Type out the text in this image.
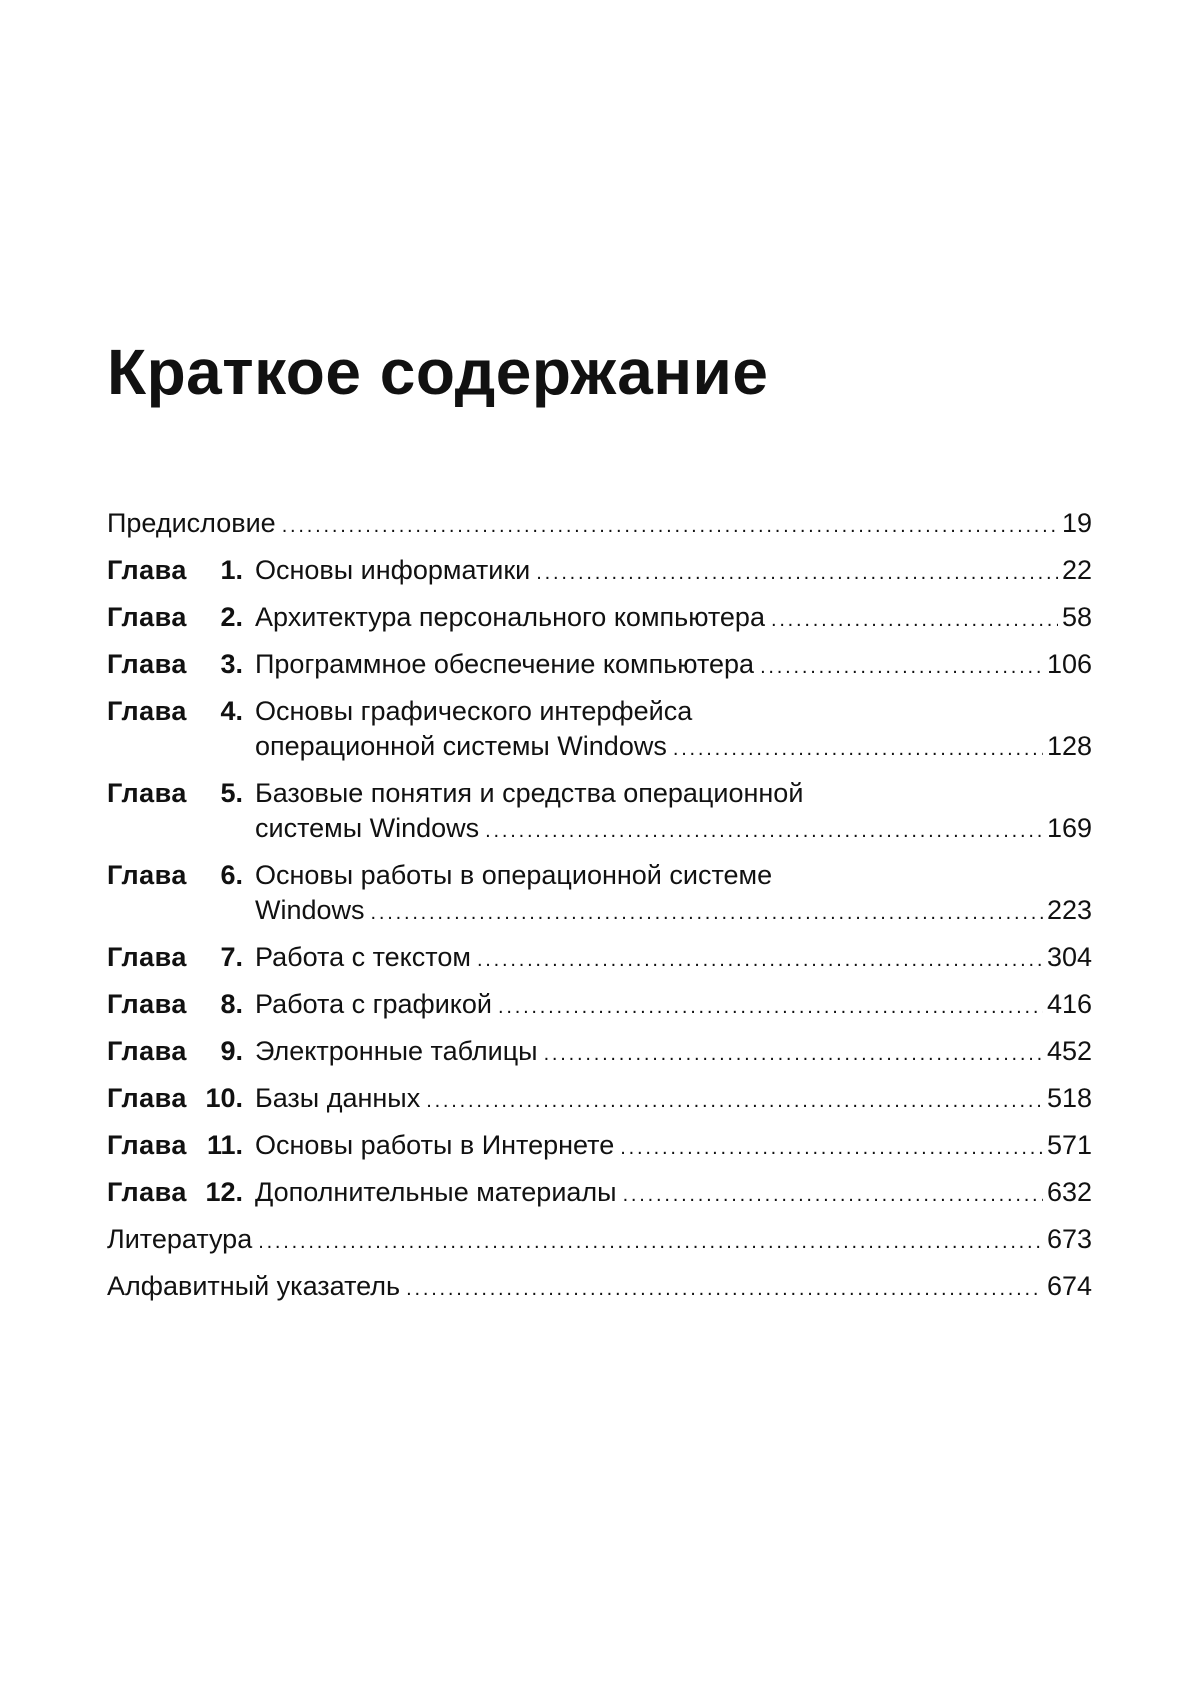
Краткое содержание
Предисловие .....	19
Глава 1. Основы информатики .....	22
Глава 2. Архитектура персонального компьютера .....	58
Глава 3. Программное обеспечение компьютера .....	106
Глава 4. Основы графического интерфейса
операционной системы Windows .....	128
Глава 5. Базовые понятия и средства операционной
системы Windows .....	169
Глава 6. Основы работы в операционной системе
Windows .....	223
Глава 7. Работа с текстом .....	304
Глава 8. Работа с графикой .....	416
Глава 9. Электронные таблицы .....	452
Глава 10. Базы данных .....	518
Глава 11. Основы работы в Интернете .....	571
Глава 12. Дополнительные материалы .....	632
Литература .....	673
Алфавитный указатель .....	674
